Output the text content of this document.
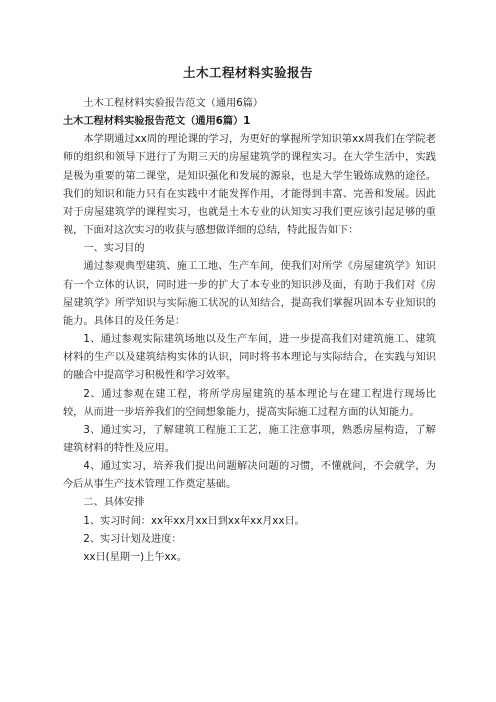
土木工程材料实验报告

土木工程材料实验报告范文（通用6篇）

土木工程材料实验报告范文（通用6篇）1

本学期通过xx周的理论课的学习，为更好的掌握所学知识第xx周我们在学院老师的组织和领导下进行了为期三天的房屋建筑学的课程实习。在大学生活中，实践是极为重要的第二课堂，是知识强化和发展的源泉，也是大学生锻炼成熟的途径。我们的知识和能力只有在实践中才能发挥作用，才能得到丰富、完善和发展。因此对于房屋建筑学的课程实习，也就是土木专业的认知实习我们更应该引起足够的重视，下面对这次实习的收获与感想做详细的总结，特此报告如下：

一、实习目的

通过参观典型建筑、施工工地、生产车间，使我们对所学《房屋建筑学》知识有一个立体的认识，同时进一步的扩大了本专业的知识涉及面，有助于我们对《房屋建筑学》所学知识与实际施工状况的认知结合，提高我们掌握巩固本专业知识的能力。具体目的及任务是：

1、通过参观实际建筑场地以及生产车间，进一步提高我们对建筑施工、建筑材料的生产以及建筑结构实体的认识，同时将书本理论与实际结合，在实践与知识的融合中提高学习积极性和学习效率。

2、通过参观在建工程，将所学房屋建筑的基本理论与在建工程进行现场比较，从而进一步培养我们的空间想象能力，提高实际施工过程方面的认知能力。

3、通过实习，了解建筑工程施工工艺，施工注意事项，熟悉房屋构造，了解建筑材料的特性及应用。

4、通过实习，培养我们提出问题解决问题的习惯，不懂就问，不会就学，为今后从事生产技术管理工作奠定基础。

二、具体安排

1、实习时间：xx年xx月xx日到xx年xx月xx日。

2、实习计划及进度：

xx日(星期一)上午xx。
